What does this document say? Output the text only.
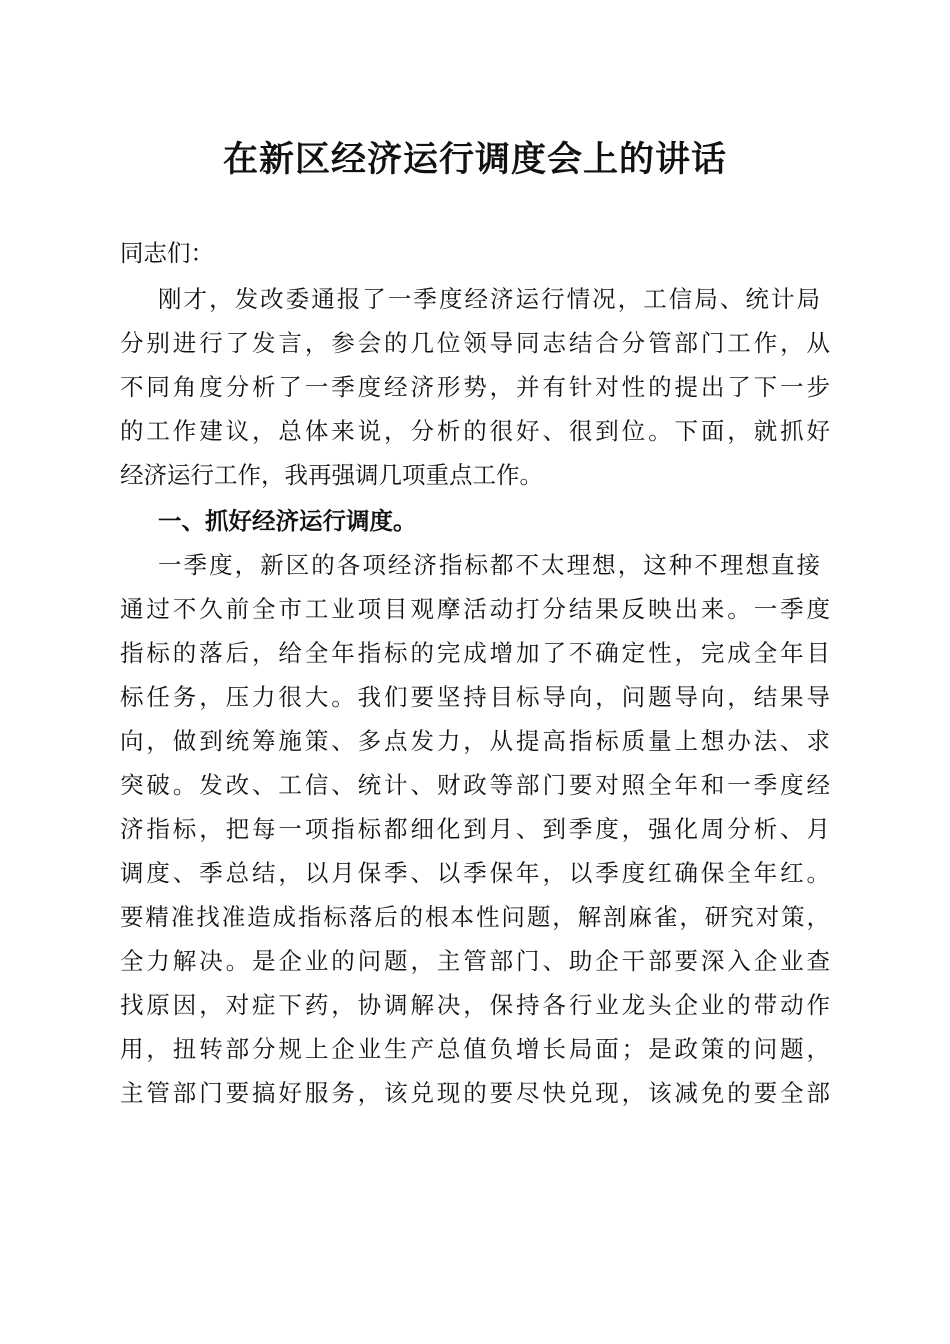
在新区经济运行调度会上的讲话

同志们：

刚才，发改委通报了一季度经济运行情况，工信局、统计局

分别进行了发言，参会的几位领导同志结合分管部门工作，从

不同角度分析了一季度经济形势，并有针对性的提出了下一步

的工作建议，总体来说，分析的很好、很到位。下面，就抓好

经济运行工作，我再强调几项重点工作。

一、抓好经济运行调度。

一季度，新区的各项经济指标都不太理想，这种不理想直接

通过不久前全市工业项目观摩活动打分结果反映出来。一季度

指标的落后，给全年指标的完成增加了不确定性，完成全年目

标任务，压力很大。我们要坚持目标导向，问题导向，结果导

向，做到统筹施策、多点发力，从提高指标质量上想办法、求

突破。发改、工信、统计、财政等部门要对照全年和一季度经

济指标，把每一项指标都细化到月、到季度，强化周分析、月

调度、季总结，以月保季、以季保年，以季度红确保全年红。

要精准找准造成指标落后的根本性问题，解剖麻雀，研究对策，

全力解决。是企业的问题，主管部门、助企干部要深入企业查

找原因，对症下药，协调解决，保持各行业龙头企业的带动作

用，扭转部分规上企业生产总值负增长局面；是政策的问题，

主管部门要搞好服务，该兑现的要尽快兑现，该减免的要全部
